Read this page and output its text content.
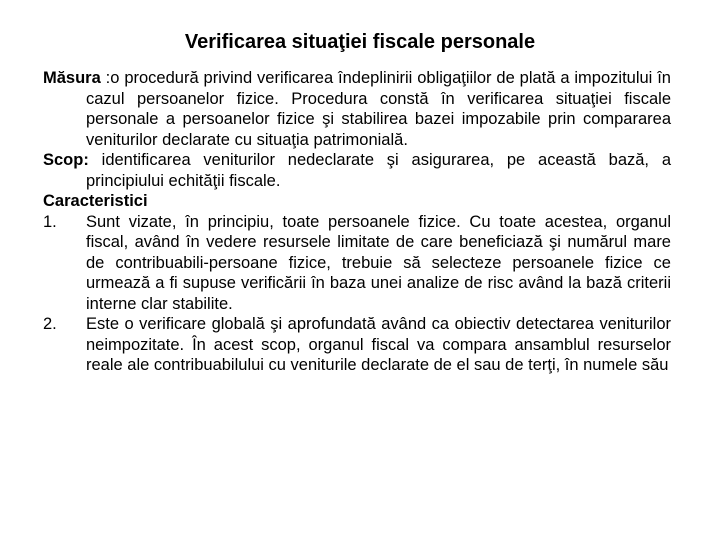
Verificarea situaţiei fiscale personale

Măsura :o procedură privind verificarea îndeplinirii obligaţiilor de plată a impozitului în cazul persoanelor fizice. Procedura constă în verificarea situaţiei fiscale personale a persoanelor fizice şi stabilirea bazei impozabile prin compararea veniturilor declarate cu situaţia patrimonială.

Scop: identificarea veniturilor nedeclarate şi asigurarea, pe această bază, a principiului echităţii fiscale.

Caracteristici

1.	Sunt vizate, în principiu, toate persoanele fizice. Cu toate acestea, organul fiscal, având în vedere resursele limitate de care beneficiază şi numărul mare de contribuabili-persoane fizice, trebuie să selecteze persoanele fizice ce urmează a fi supuse verificării în baza unei analize de risc având la bază criterii interne clar stabilite.
2.	Este o verificare globală şi aprofundată având ca obiectiv detectarea veniturilor neimpozitate. În acest scop, organul fiscal va compara ansamblul resurselor reale ale contribuabilului cu veniturile declarate de el sau de terţi, în numele său
